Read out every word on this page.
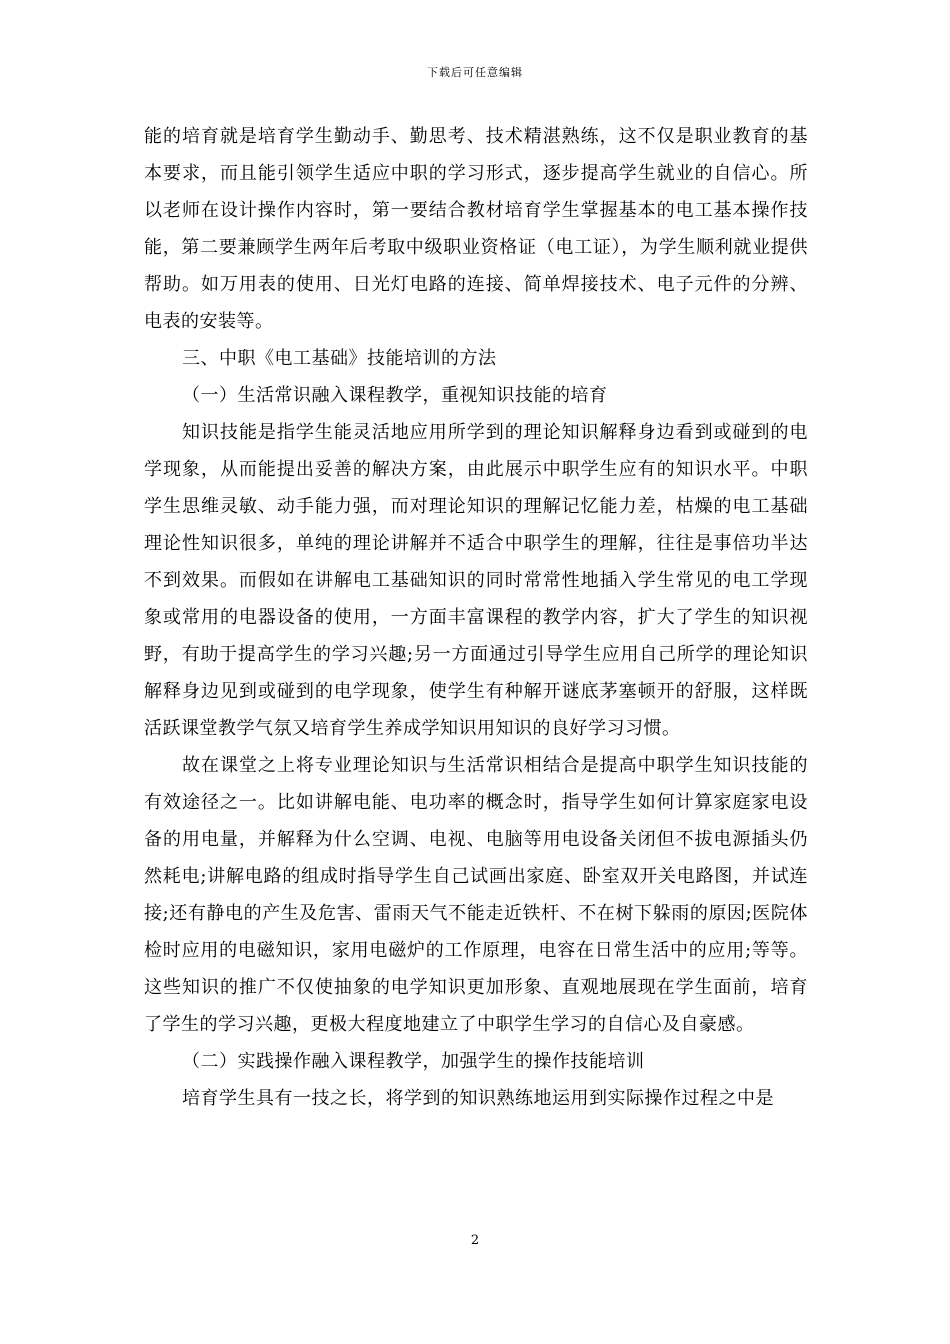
下载后可任意编辑

能的培育就是培育学生勤动手、勤思考、技术精湛熟练，这不仅是职业教育的基本要求，而且能引领学生适应中职的学习形式，逐步提高学生就业的自信心。所以老师在设计操作内容时，第一要结合教材培育学生掌握基本的电工基本操作技能，第二要兼顾学生两年后考取中级职业资格证（电工证），为学生顺利就业提供帮助。如万用表的使用、日光灯电路的连接、简单焊接技术、电子元件的分辨、电表的安装等。

三、中职《电工基础》技能培训的方法

（一）生活常识融入课程教学，重视知识技能的培育

知识技能是指学生能灵活地应用所学到的理论知识解释身边看到或碰到的电学现象，从而能提出妥善的解决方案，由此展示中职学生应有的知识水平。中职学生思维灵敏、动手能力强，而对理论知识的理解记忆能力差，枯燥的电工基础理论性知识很多，单纯的理论讲解并不适合中职学生的理解，往往是事倍功半达不到效果。而假如在讲解电工基础知识的同时常常性地插入学生常见的电工学现象或常用的电器设备的使用，一方面丰富课程的教学内容，扩大了学生的知识视野，有助于提高学生的学习兴趣;另一方面通过引导学生应用自己所学的理论知识解释身边见到或碰到的电学现象，使学生有种解开谜底茅塞顿开的舒服，这样既活跃课堂教学气氛又培育学生养成学知识用知识的良好学习习惯。

故在课堂之上将专业理论知识与生活常识相结合是提高中职学生知识技能的有效途径之一。比如讲解电能、电功率的概念时，指导学生如何计算家庭家电设备的用电量，并解释为什么空调、电视、电脑等用电设备关闭但不拔电源插头仍然耗电;讲解电路的组成时指导学生自己试画出家庭、卧室双开关电路图，并试连接;还有静电的产生及危害、雷雨天气不能走近铁杆、不在树下躲雨的原因;医院体检时应用的电磁知识，家用电磁炉的工作原理，电容在日常生活中的应用;等等。这些知识的推广不仅使抽象的电学知识更加形象、直观地展现在学生面前，培育了学生的学习兴趣，更极大程度地建立了中职学生学习的自信心及自豪感。

（二）实践操作融入课程教学，加强学生的操作技能培训

培育学生具有一技之长，将学到的知识熟练地运用到实际操作过程之中是

2
